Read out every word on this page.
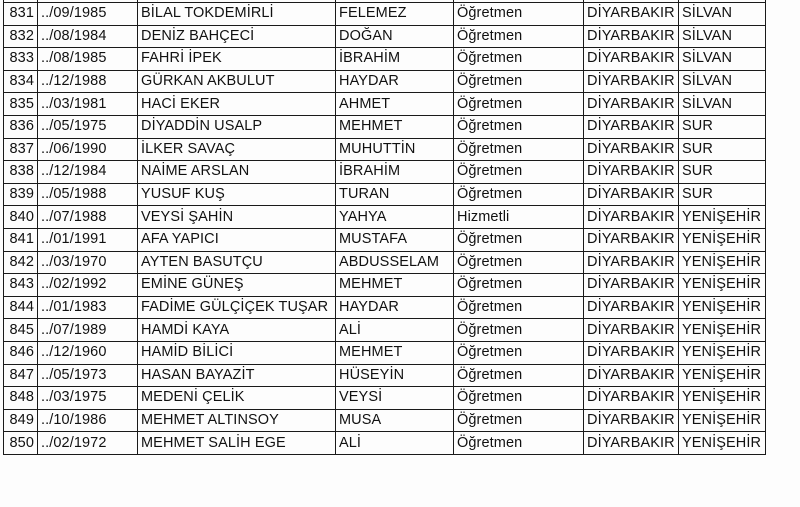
831	../09/1985	BİLAL TOKDEMİRLİ	FELEMEZ	Öğretmen	DİYARBAKIR	SİLVAN
832	../08/1984	DENİZ BAHÇECİ	DOĞAN	Öğretmen	DİYARBAKIR	SİLVAN
833	../08/1985	FAHRİ İPEK	İBRAHİM	Öğretmen	DİYARBAKIR	SİLVAN
834	../12/1988	GÜRKAN AKBULUT	HAYDAR	Öğretmen	DİYARBAKIR	SİLVAN
835	../03/1981	HACİ EKER	AHMET	Öğretmen	DİYARBAKIR	SİLVAN
836	../05/1975	DİYADDİN USALP	MEHMET	Öğretmen	DİYARBAKIR	SUR
837	../06/1990	İLKER SAVAÇ	MUHUTTİN	Öğretmen	DİYARBAKIR	SUR
838	../12/1984	NAİME ARSLAN	İBRAHİM	Öğretmen	DİYARBAKIR	SUR
839	../05/1988	YUSUF KUŞ	TURAN	Öğretmen	DİYARBAKIR	SUR
840	../07/1988	VEYSİ ŞAHİN	YAHYA	Hizmetli	DİYARBAKIR	YENİŞEHİR
841	../01/1991	AFA YAPICI	MUSTAFA	Öğretmen	DİYARBAKIR	YENİŞEHİR
842	../03/1970	AYTEN BASUTÇU	ABDUSSELAM	Öğretmen	DİYARBAKIR	YENİŞEHİR
843	../02/1992	EMİNE GÜNEŞ	MEHMET	Öğretmen	DİYARBAKIR	YENİŞEHİR
844	../01/1983	FADİME GÜLÇİÇEK TUŞAR	HAYDAR	Öğretmen	DİYARBAKIR	YENİŞEHİR
845	../07/1989	HAMDİ KAYA	ALİ	Öğretmen	DİYARBAKIR	YENİŞEHİR
846	../12/1960	HAMİD BİLİCİ	MEHMET	Öğretmen	DİYARBAKIR	YENİŞEHİR
847	../05/1973	HASAN BAYAZİT	HÜSEYİN	Öğretmen	DİYARBAKIR	YENİŞEHİR
848	../03/1975	MEDENİ ÇELİK	VEYSİ	Öğretmen	DİYARBAKIR	YENİŞEHİR
849	../10/1986	MEHMET ALTINSOY	MUSA	Öğretmen	DİYARBAKIR	YENİŞEHİR
850	../02/1972	MEHMET SALİH EGE	ALİ	Öğretmen	DİYARBAKIR	YENİŞEHİR
